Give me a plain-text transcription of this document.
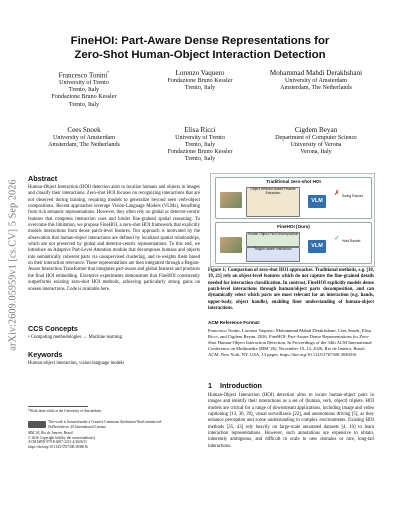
arXiv:2609.05959v1 [cs.CV] 5 Sep 2026
FineHOI: Part-Aware Dense Representations for
Zero-Shot Human-Object Interaction Detection
Francesco Tonini*
University of Trento
Trento, Italy
Fondazione Bruno Kessler
Trento, Italy
Lorenzo Vaquero
Fondazione Bruno Kessler
Trento, Italy
Mohammad Mahdi Derakhshani
University of Amsterdam
Amsterdam, The Netherlands
Cees Snoek
University of Amsterdam
Amsterdam, The Netherlands
Elisa Ricci
University of Trento
Trento, Italy
Fondazione Bruno Kessler
Trento, Italy
Cigdem Beyan
Department of Computer Science
University of Verona
Verona, Italy
Abstract

Human-Object Interaction (HOI) detection aims to localize humans and objects in images and classify their interactions. Zero-shot HOI focuses on recognizing interactions that are not observed during training, requiring models to generalize beyond seen verb-object compositions. Recent approaches leverage Vision-Language Models (VLMs), benefiting from rich semantic representations. However, they often rely on global or detector-centric features that compress interaction cues and hinder fine-grained spatial reasoning. To overcome this limitation, we propose FineHOI, a zero-shot HOI framework that explicitly models interactions from dense patch-level features. Our approach is motivated by the observation that human-object interactions are defined by localized spatial relationships, which are not preserved by global and detector-centric representations. To this end, we introduce an Adaptive Part-Level Attention module that decomposes humans and objects into semantically coherent parts via unsupervised clustering, and re-weights them based on their interaction relevance. These representations are then integrated through a Region-Aware Interaction Transformer that integrates part-aware and global features and produces the final HOI embedding. Extensive experiments demonstrate that FineHOI consistently outperforms existing zero-shot HOI methods, achieving particularly strong gains on unseen interactions. Code is available here.

CCS Concepts

• Computing methodologies → Machine learning.

Keywords

Human-object interaction, vision-language models

*Work done while at the University of Amsterdam.

This work is licensed under a Creative Commons Attribution-NonCommercial-

NoDerivatives 4.0 International License.

MM '26, Rio de Janeiro, Brazil

© 2026 Copyright held by the owner/author(s).

ACM ISBN 979-8-4007-2215-4/2026/11

https://doi.org/10.1145/3767308.3836016

Traditional zero-shot HOI
Object Detector-based Feature Extraction
VLM
✗ Swing Racket
FineHOI (Ours)
Human Object Part Decomposition
Region-aware Interaction	VLM
✓ Hold Racket

Figure 1: Comparison of zero-shot HOI approaches. Traditional methods, e.g. [18, 19, 21] rely on object-level features which do not capture the fine-grained details needed for interaction classification. In contrast, FineHOI explicitly models dense patch-level interactions through human/object parts decomposition, and can dynamically select which parts are most relevant for an interaction (e.g. hands, upper-body, object handle), enabling finer understanding of human-object interactions.

ACM Reference Format:

Francesco Tonini, Lorenzo Vaquero, Mohammad Mahdi Derakhshani, Cees Snoek, Elisa Ricci, and Cigdem Beyan. 2026. FineHOI: Part-Aware Dense Representations for Zero-Shot Human-Object Interaction Detection. In Proceedings of the 34th ACM International Conference on Multimedia (MM '26), November 10–14, 2026, Rio de Janeiro, Brazil. ACM, New York, NY, USA, 13 pages. https://doi.org/10.1145/3767308.3836016

1    Introduction

Human-Object Interaction (HOI) detection aims to locate human-object pairs in images and identify their interactions as a set of ⟨human, verb, object⟩ triplets. HOI models are critical for a range of downstream applications, including image and video captioning [13, 30, 39], visual surveillance [22], and autonomous driving [5], as they enhance perception and scene understanding in complex environments. Existing HOI methods [35, 43] rely heavily on large-scale annotated datasets [4, 10] to learn interaction representations. However, such annotations are expensive to obtain, inherently ambiguous, and difficult to scale to new domains or rare, long-tail interactions.
